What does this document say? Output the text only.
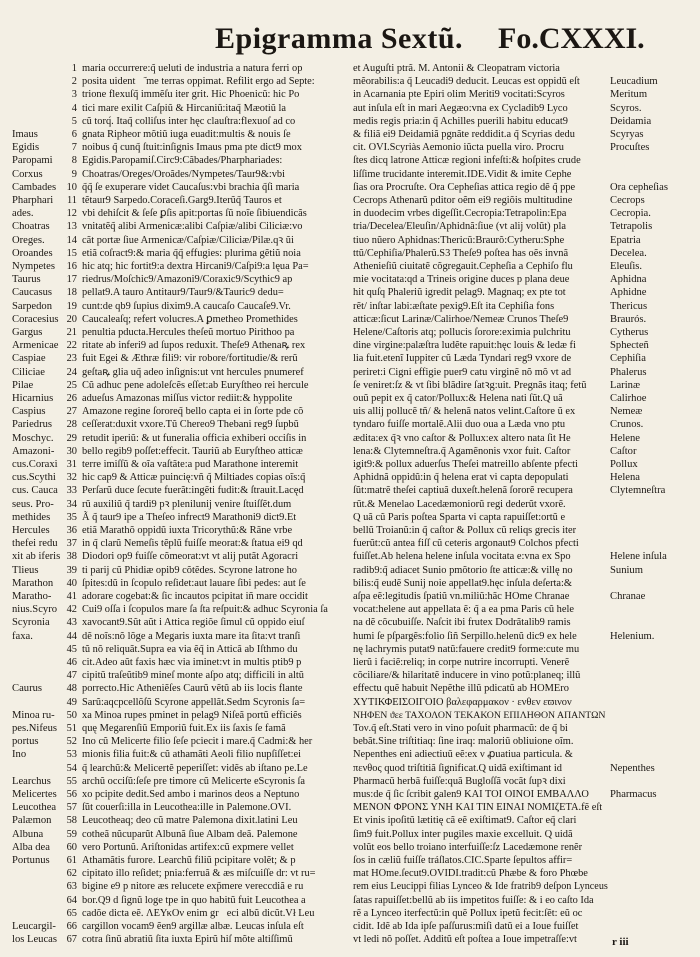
Epigramma Sextũ. Fo.CXXXI.
Imaus
Egidis
Paropami
Corxus
Cambades
Pharphari
ades.
Choatras
Oreges.
Oroandes
Nympetes
Taurus
Caucasus
Sarpedon
Coracesius
Gargus
Armenicae
Caspiae
Ciliciae
Pilae
Hicarnius
Caspius
Pariedrus
Moschyc.
Amazoni-
cus.Coraxi
cus.Scythi
cus. Cauca
seus. Pro-
methides
Hercules
thefei redu
xit ab iferis
Tlieus
Marathon
Maratho-
nius.Scyro
Scyronia
faxa.
Caurus
Minoa ru-
pes.Nifeus
portus
Ino
Learchus
Melicertes
Leucothea
Palæmon
Albuna
Alba dea
Portunus
Leucargil-
los Leucas
1
2
3
4
5
6
7
8
9
10
11
12
13
14
15
16
17
18
19
20
21
22
23
24
25
26
27
28
29
30
31
32
33
34
35
36
37
38
39
40
41
42
43
44
45
46
47
48
49
50
51
52
53
54
55
56
57
58
59
60
61
62
63
64
65
66
67
maria occurrere:q̃ ueluti de industria a natura ferri op
posita uidentᷓ̃ me terras oppimat. Refilit ergo ad Septe:
trione flexuſq̃ immẽſu iter grit. Hic Phoenicũ: hic Po
tici mare exilit Caſpiũ & Hircaniũ:itaq̃ Mæotiũ la
cũ torq́. Itaq̃ colliſus inter hęc clauſtra:flexuoſ ad co
gnata Ripheor mõtiũ iuga euadit:multis & nouis ſeᷓ
noibus q̃ cunq̃ ſtuit:inſignis Imaus pma pte dict9 mox
Egidis.Paropamiſ.Circ9:Cãbades/Pharphariades:
Choatras/Oreges/Oroãdes/Nympetes/Taur9&:vbi
q̃q̃ ſe exuperare videt Caucaſus:vbi brachia q̃ſi maria
tẽtaur9 Sarpedo.Coraceſi.Garg9.Iterũq̃ Tauros et
vbi dehiſcit & ſeſe ꝑſis apit:portas ſũ noĩe ſibiuendicãs
vnitatẽq̃ alibi Armenicæ:alibi Caſpiæ/alibi Ciliciæ:vo
cãt portæ ſiue Armenicæ/Caſpiæ/Ciliciæ/Pilæ.qꝛ ũi
etiã coſract9:& maria q̃q̃ effugies: plurima gẽtiũ noia
hic atq; hic fortit9:a dextra Hircani9/Caſpi9:a lęua Pa=
riedrus/Moſchic9/Amazoni9/Coraxic9/Scythic9 ap
pellat9.A tauro Antitaur9/Taur9/&Tauric9 dedu=
cunt:de qb9 ſupius dixim9.A caucaſo Caucaſe9.Vr.
Caucaleaſq; refert volucres.A ꝑmetheo Promethides
penultia pducta.Hercules theſeũ mortuo Pirithoo pa
ritate ab inferi9 ad ſupos reduxit. Theſe9 Athenaꝶ rex
fuit Egei & Æthræ fili9: vir robore/fortitudie/& rerũ
geſtaꝶ glia uq̃ adeo inſignis:ut vnt hercules pnumeref
Cũ adhuc pene adoleſcẽs eſſet:ab Euryſtheo rei hercule
adueſus Amazonas miſſus victor rediit:& hyppolite
Amazone regine ſororeq̃ bello capta ei in ſorte pde cõ
ceſſerat:duxit vxore.Tũ Chereo9 Thebani reg9 ſupbũ
retudit iperiũ: & ut funeralia officia exhiberi occiſis in
bello regib9 poſſet:effecit. Tauriũ ab Euryſtheo atticæ
terre imiſſũ & oĩa vaſtãte:a pud Marathone interemit
hic cap9 & Atticæ puincię:vñ q̃ Miltiades copias oĩs:q̃
Perſarũ duce ſecute fuerãt:ingẽti fudit:& ſtrauit.Lacęd
rũ auxiliũ q̃ tardi9 pꝛ plenilunij venire ſtuiſſẽt.dum
Ã q̃ taur9 ipe a Theſeo infrect9 Marathoni9 dict9.Et
etiã Marathõ oppidũ iuxta Tricorythũ:& Rãne vrbe
in q̃ clarũ Nemeſis tẽplũ fuiſſe meorat:& ſtatua ei9 qd
Diodori op9 fuiſſe cõmeorat:vt vt alij putãt Agoracri
ti parij cũ Phidiæ opib9 cõtẽdes. Scyrone latrone ho
ſpites:dũ in ſcopulo reſidet:aut lauare ſibi pedes: aut ſe
adorare cogebat:& ſic incautos pcipitat iñ mare occidit
Cui9 oſſa i ſcopulos mare ſa ſta reſpuit:& adhuc Scyronia ſa
xavocant9.Sũt aũt i Attica regiõe ſimul cũ oppido eiuſ
dẽ noĩs:nõ lõge a Megaris iuxta mare ita ſita:vt tranſi
tũ nõ reliquãt.Supra ea via ẽq̃ in Atticã ab Iſthmo du
cit.Adeo aũt faxis hæc via iminet:vt in multis ptib9 p
cipitũ traſeũtib9 mineſ monte aſpo atq; difficili in altũ
porrecto.Hic Atheniẽſes Caurũ vẽtũ ab iis locis flante
Sarũ:aqcpcellõſũ Scyrone appellãt.Sedm Scyronis ſa=
xa Minoa rupes pminet in pelag9 Niſeã portũ efficiẽs
quę Megarenſiũ Emporiũ fuit.Ex iis ſaxis ſe famã
Ino cũ Melicerte filio ſeſe pciecit i mare.q̃ Cadmi:& her
mionis filia fuit:& cũ athamãti Aeoli filio nupſiſſet:ei
q̃ learchũ:& Melicertẽ peperiſſet: vidẽs ab iſtano pe.Le
archũ occiſũ:ſeſe pre timore cũ Melicerte eScyronis ſa
xo pcipite dedit.Sed ambo i marinos deos a Neptuno
ſũt couerſi:illa in Leucothea:ille in Palemone.OVI.
Leucotheaq; deo cũ matre Palemona dixit.latini Leu
cotheã nũcuparũt Albunã ſiue Albam deã. Palemone
vero Portunũ. Ariſtonidas artifex:cũ expmere vellet
Athamãtis furore. Learchũ filiũ pcipitare volẽt; & p
cipitato illo reſidet; pnia:ferruã & æs miſcuiſſe dr: vt ru=
bigine e9 p nitore æs relucete exp̃mere vereccdiã e ru
bor.Q9 d ſignũ loge tpe in quo habitũ fuit Leucothea a
cadõe dicta eẽ. ΛΕΥκΟν enim grᷓeci albũ dicũt.Vł Leu
cargillon vocam9 ẽen9 argillæ albæ. Leucas inſula eſt
cotra ſinũ abratiũ ſita iuxta Epirũ hiſ mõte altiſſimũ
et Auguſti ptrã. M. Antonii & Cleopatram victoria
mẽorabilis:a q̃ Leucadi9 deducit. Leucas est oppidũ eſt
in Acarnania pte Epiri olim Meriti9 vocitati:Scyros
aut inſula eſt in mari Aegæo:vna ex Cycladib9 Lyco
medis regis pria:in q̃ Achilles puerili habitu educat9
& filiã ei9 Deidamiã pgnãte reddidit.a q̃ Scyrias dedu
cit. OVI.Scyriàs Aemonio iũcta puella viro. Procru
ſtes dicq latrone Atticæ regioni infeſti:& hoſpites crude
liſſime trucidante interemit.IDE.Vidit & imite Cephe
ſias ora Procruſte. Ora Cepheſias attica regio dẽ q̃ ppe
Cecrops Athenarũ pditor oẽm ei9 regiõis multitudine
in duodecim vrbes digeſſit.Cecropia:Tetrapolin:Epa
tria/Decelea/Eleuſin/Aphidnã:ſiue (vt alij volũt) pla
tiuo nũero Aphidnas:Thericũ:Braurõ:Cytheru:Sphe
ttũ/Cephiſia/Phalerũ.S3 Theſe9 poſtea has oẽs invnã
Athenieſiũ ciuitatẽ cõgregauit.Cepheſia a Cephiſo flu
mie vocitata:qd a Trineis origine duces p plana deue
hit quſq Phaleriũ igredit pelag9. Magnaq; ex pte tot
rẽt/ inſtar labi:æſtate pexig9.Eſt ita Cephiſia fons
atticæ:ſicut Larinæ/Calirhoe/Nemeæ Crunos Theſe9
Helene/Caſtoris atq; pollucis ſorore:eximia pulchritu
dine virgine:palæſtra ludẽte rapuit:hęc louis & ledæ fi
lia fuit.etenĩ Iuppiter cũ Læda Tyndari reg9 vxore de
periret:i Cigni effigie puer9 catu virginẽ nõ mõ vt ad
ſe veniret:ſz & vt ſibi blãdire ſatꝛg:uit. Pregnãs itaq; fetũ
ouũ pepit ex q̃ cator/Pollux:& Helena nati ſũt.Q uã
uis allij pollucẽ tñ/ & helenã natos velint.Caſtore ũ ex
tyndaro fuiſſe mortalẽ.Alii duo oua a Læda vno ptu
ædita:ex q̃ꝛ vno caſtor & Pollux:ex altero nata ſit He
lena:& Clytemneſtra.q̃ Agamẽnonis vxor fuit. Caſtor
igit9:& pollux aduerſus Theſei matreillo abſente pfecti
Aphidnã oppidũ:in q̃ helena erat vi capta depopulati
ſũt:matrẽ theſei captiuã duxeſt.helenã ſororẽ recupera
rũt.& Menelao Lacedæmoniorũ regi dederũt vxorẽ.
Q uã cũ Paris poſtea Sparta vi capta rapuiſſet:ortũ e
bellũ Troianũ:in q̃ caſtor & Pollux cũ reliqs grecis iter
fuerũt:cũ antea fiſſ cũ ceteris argonaut9 Colchos pfecti
fuiſſet.Ab helena helene inſula vocitata e:vna ex Spo
radib9:q̃ adiacet Sunio pmõtorio ſte atticæ:& villę no
bilis:q̃ eudẽ Sunij noie appellat9.hęc inſula deſerta:&
aſpa eẽ:legitudis ſpatiũ vn.miliũ:hãc HOme Chranae
vocat:helene aut appellata ẽ: q̃ a ea pma Paris cũ hele
na dẽ cõcubuiſſe. Naſcit ibi frutex Dodrãtalib9 ramis
humi ſe pſpargẽs:folio ſiñ Serpillo.helenũ dic9 ex hele
nę lachrymis putat9 natũ:fauere credit9 forme:cute mu
lierũ i faciẽ:reliq; in corpe nutrire incorrupti. Venerẽ
cõciliare/& hilaritatẽ inducere in vino potũ:planeq; illũ
effectu quẽ habuit Nepẽthe illũ pdicatũ ab HOMEro
ΧΥΤΙΚΦΕΙΣΟΙΓΟΙΟ βαλεφαρμακον · ενθεν εϖινον
ΝΗΦΕΝ ϑεε ΤΑΧΟΛΟΝ ΤΕΚΑΚΟΝ ΕΠΙΛΗΘΟΝ ΑΠΑΝΤΩΝ
Τον.q̃ eſt.Stati vero in vino poſuit pharmacũ: de q̃ bi
bebãt.Sine triſtitiaq: ſine iraq: maloriũ obliuione oĩm.
Nepenthes eni adiectiuũ eẽ:ex ν ꝓuatiua particula. &
πενθος quod triſtitiã ſignificat.Q uidã exiſtimant id
Pharmacũ herbã fuiſſe:quã Bugloſſã vocãt ſupꝛ dixi
mus:de q̃ ſic ſcribit galen9 ΚΑΙ ΤΟΙ ΟΙΝΟΙ ΕΜΒΑΛΛΟ
ΜΕΝΟΝ ΦΡΟΝΣ ΥΝΗ ΚΑΙ ΤΙΝ ΕΙΝΑΙ ΝΟΜΙζΕΤΑ.fẽ eſt
Et vinis ipoſitũ lætitię cã eẽ exiſtimat9. Caſtor eq̃ clari
ſim9 fuit.Pollux inter pugiles maxie excelluit. Q uidã
volũt eos bello troiano interfuiſſe:ſz Lacedæmone renẽr
ſos in cæliũ fuiſſe tráſlatos.CIC.Sparte ſepultos affir=
mat HOme.ſecut9.OVIDI.tradit:cũ Phæbe & foro Phœbe
rem eius Leucippi filias Lynceo & Ide fratrib9 deſpon Lynceus
ſatas rapuiſſet:bellũ ab iis impetitos fuiſſe: & i eo caſto Ida
rẽ a Lynceo iterfectũ:in quẽ Pollux ipetũ fecit:ſẽt: eũ oc
cidit. Idẽ ab Ida ipſe paſſurus:miſi datũ ei a Ioue fuiſſet
vt ledi nõ poſſet. Additũ eſt poſtea a Ioue impetraſſe:vt
Leucadium
Meritum
Scyros.
Deidamia
Scyryas
Procuſtes
Ora cepheſias
Cecrops
Cecropia.
Tetrapolis
Epatria
Decelea.
Eleuſis.
Aphidna
Aphidne
Thericus
Braurós.
Cytherus
Sphecteñ
Cephiſia
Phalerus
Larinæ
Calirhoe
Nemeæ
Crunos.
Helene
Caſtor
Pollux
Helena
Clytemneſtra
Helene inſula
Sunium
Chranae
Helenium.
Nepenthes
Pharmacus
r iii
